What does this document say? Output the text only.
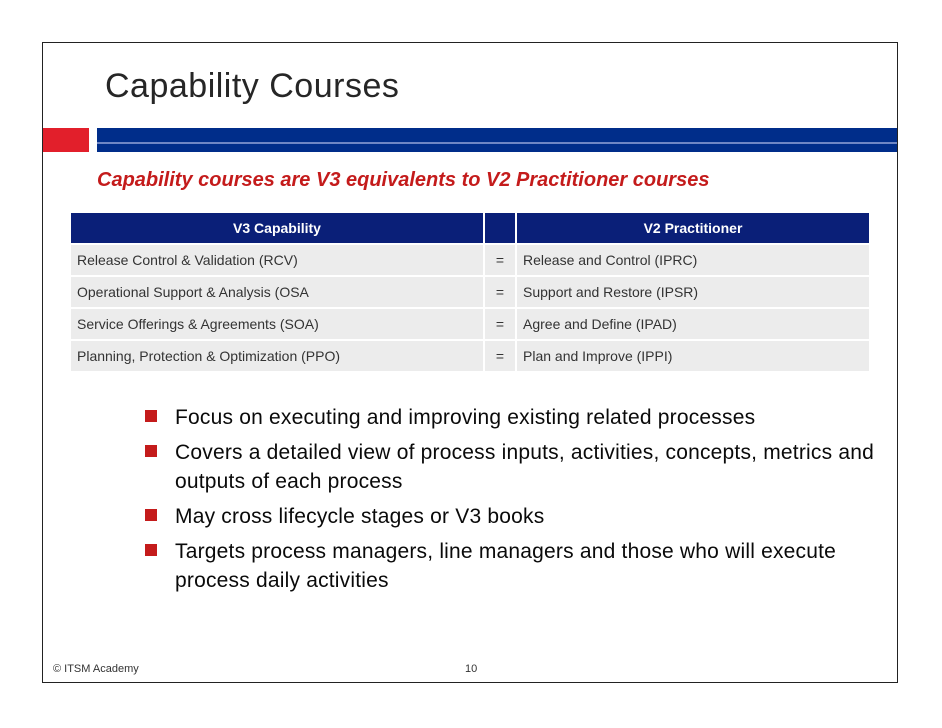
Capability Courses
Capability courses are V3 equivalents to V2 Practitioner courses
V3 Capability		V2 Practitioner
Release Control & Validation (RCV)	=	Release and Control (IPRC)
Operational Support & Analysis (OSA	=	Support and Restore (IPSR)
Service Offerings & Agreements (SOA)	=	Agree and Define (IPAD)
Planning, Protection & Optimization (PPO)	=	Plan and Improve (IPPI)
Focus on executing and improving existing related processes
Covers a detailed view of process inputs, activities, concepts, metrics and outputs of each process
May cross lifecycle stages or V3 books
Targets process managers, line managers and those who will execute process daily activities
© ITSM Academy	10
